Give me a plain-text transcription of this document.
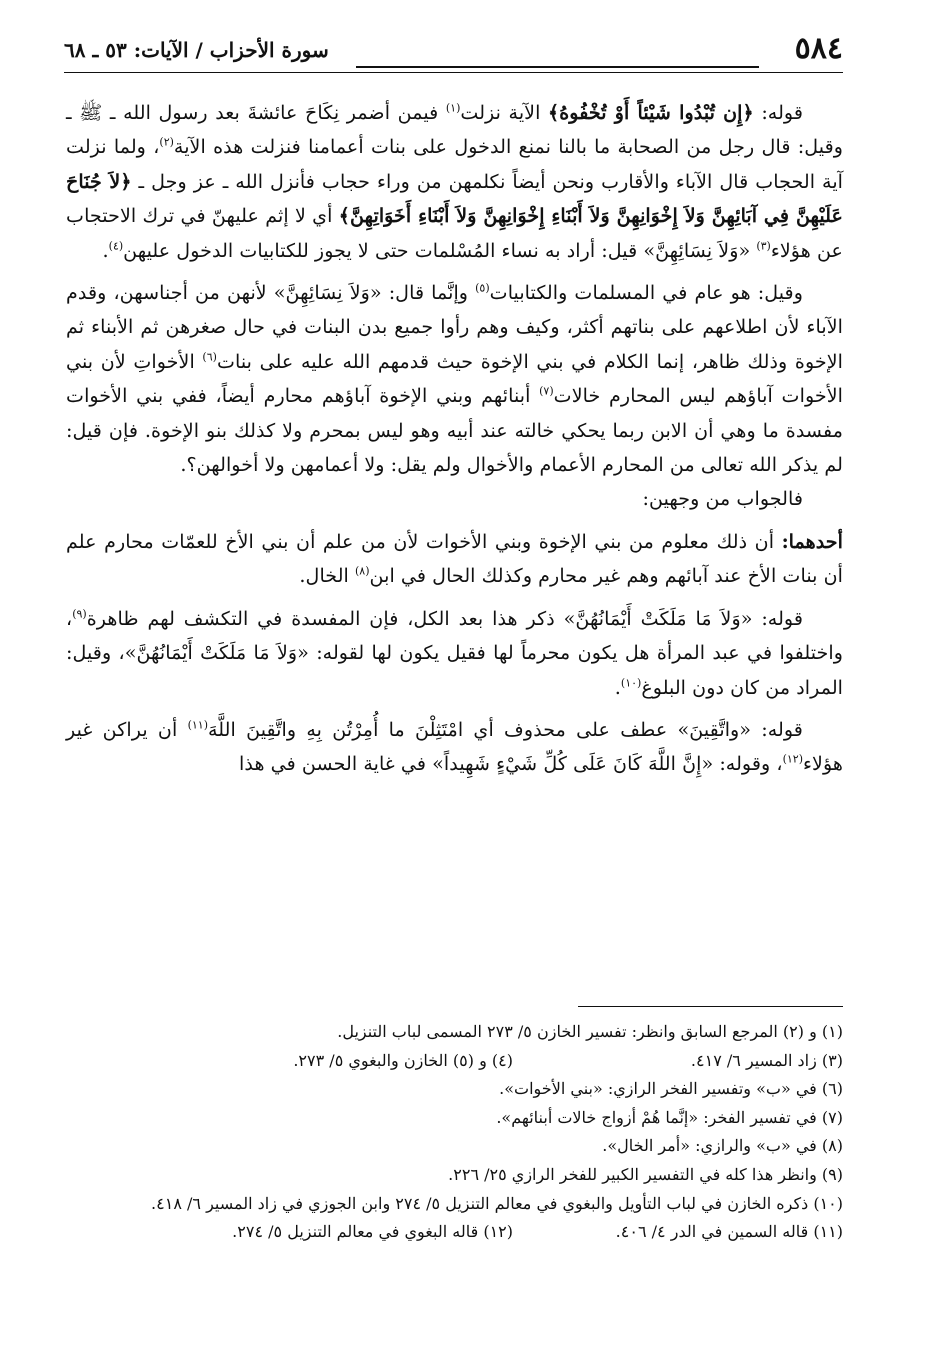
٥٨٤
سورة الأحزاب / الآيات: ٥٣ ـ ٦٨

قوله: ﴿إِن تُبْدُوا شَيْئاً أَوْ تُخْفُوهُ﴾ الآية نزلت$^{(١)}$ فيمن أضمر نِكَاحَ عائشةَ بعد رسول الله ـ ﷺ ـ وقيل: قال رجل من الصحابة ما بالنا نمنع الدخول على بنات أعمامنا فنزلت هذه الآية$^{(٢)}$، ولما نزلت آية الحجاب قال الآباء والأقارب ونحن أيضاً نكلمهن من وراء حجاب فأنزل الله ـ عز وجل ـ ﴿لاَ جُنَاحَ عَلَيْهِنَّ فِي آبَائِهِنَّ وَلاَ إِخْوَانِهِنَّ وَلاَ أَبْنَاءِ إِخْوَانِهِنَّ وَلاَ أَبْنَاءِ أَخَوَاتِهِنَّ﴾ أي لا إثم عليهنّ في ترك الاحتجاب عن هؤلاء$^{(٣)}$ «وَلاَ نِسَائِهِنَّ» قيل: أراد به نساء المُسْلمات حتى لا يجوز للكتابيات الدخول عليهن$^{(٤)}$.

وقيل: هو عام في المسلمات والكتابيات$^{(٥)}$ وإنَّما قال: «وَلاَ نِسَائِهِنَّ» لأنهن من أجناسهن، وقدم الآباء لأن اطلاعهم على بناتهم أكثر، وكيف وهم رأوا جميع بدن البنات في حال صغرهن ثم الأبناء ثم الإخوة وذلك ظاهر، إنما الكلام في بني الإخوة حيث قدمهم الله عليه على بنات$^{(٦)}$ الأخواتِ لأن بني الأخوات آباؤهم ليس المحارم خالات$^{(٧)}$ أبنائهم وبني الإخوة آباؤهم محارم أيضاً، ففي بني الأخوات مفسدة ما وهي أن الابن ربما يحكي خالته عند أبيه وهو ليس بمحرم ولا كذلك بنو الإخوة. فإن قيل: لم يذكر الله تعالى من المحارم الأعمام والأخوال ولم يقل: ولا أعمامهن ولا أخوالهن؟.

فالجواب من وجهين:

أحدهما: أن ذلك معلوم من بني الإخوة وبني الأخوات لأن من علم أن بني الأخ للعمّات محارم علم أن بنات الأخ عند آبائهم وهم غير محارم وكذلك الحال في ابن$^{(٨)}$ الخال.

قوله: «وَلاَ مَا مَلَكَتْ أَيْمَانُهُنَّ» ذكر هذا بعد الكل، فإن المفسدة في التكشف لهم ظاهرة$^{(٩)}$، واختلفوا في عبد المرأة هل يكون محرماً لها فقيل يكون لها لقوله: «وَلاَ مَا مَلَكَتْ أَيْمَانُهُنَّ»، وقيل: المراد من كان دون البلوغ$^{(١٠)}$.

قوله: «واتَّقِينَ» عطف على محذوف أي امْتَثِلْنَ ما أُمِرْتُن بِهِ واتَّقِينَ اللَّهَ$^{(١١)}$ أن يراكن غير هؤلاء$^{(١٢)}$، وقوله: «إِنَّ اللَّهَ كَانَ عَلَى كُلِّ شَيْءٍ شَهِيداً» في غاية الحسن في هذا

(١) و (٢) المرجع السابق وانظر: تفسير الخازن ٥/ ٢٧٣ المسمى لباب التنزيل.

(٣) زاد المسير ٦/ ٤١٧.

(٤) و (٥) الخازن والبغوي ٥/ ٢٧٣.

(٦) في «ب» وتفسير الفخر الرازي: «بني الأخوات».

(٧) في تفسير الفخر: «إنَّما هُمْ أزواج خالات أبنائهم».

(٨) في «ب» والرازي: «أمر الخال».

(٩) وانظر هذا كله في التفسير الكبير للفخر الرازي ٢٥/ ٢٢٦.

(١٠) ذكره الخازن في لباب التأويل والبغوي في معالم التنزيل ٥/ ٢٧٤ وابن الجوزي في زاد المسير ٦/ ٤١٨.

(١١) قاله السمين في الدر ٤/ ٤٠٦.

(١٢) قاله البغوي في معالم التنزيل ٥/ ٢٧٤.
